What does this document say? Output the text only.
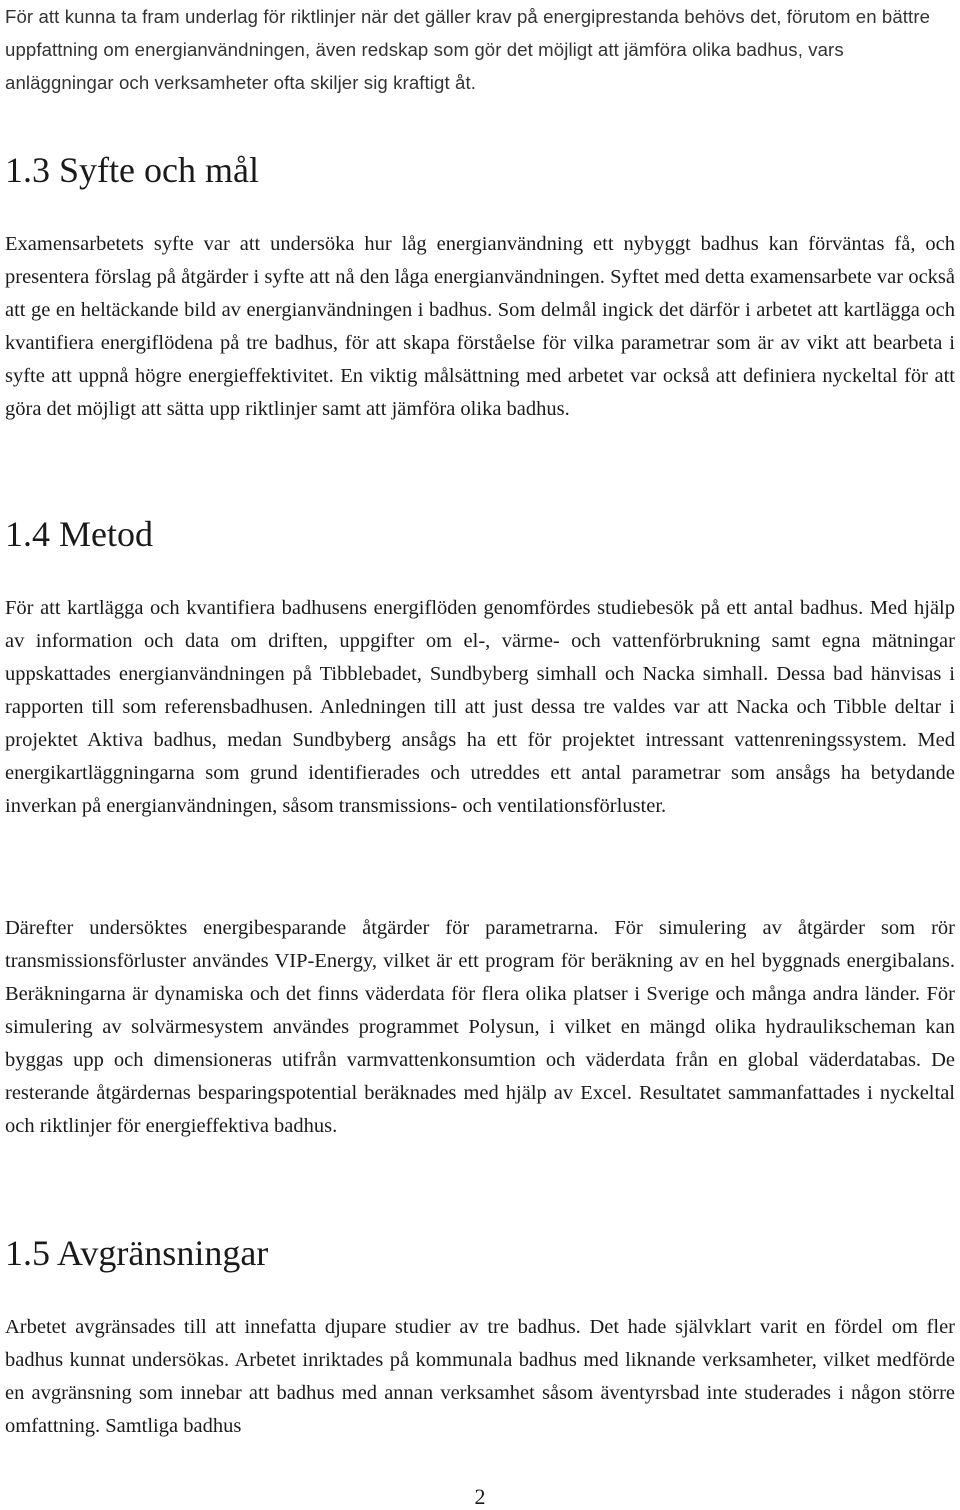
För att kunna ta fram underlag för riktlinjer när det gäller krav på energiprestanda behövs det, förutom en bättre uppfattning om energianvändningen, även redskap som gör det möjligt att jämföra olika badhus, vars anläggningar och verksamheter ofta skiljer sig kraftigt åt.

1.3 Syfte och mål

Examensarbetets syfte var att undersöka hur låg energianvändning ett nybyggt badhus kan förväntas få, och presentera förslag på åtgärder i syfte att nå den låga energianvändningen. Syftet med detta examensarbete var också att ge en heltäckande bild av energianvändningen i badhus. Som delmål ingick det därför i arbetet att kartlägga och kvantifiera energiflödena på tre badhus, för att skapa förståelse för vilka parametrar som är av vikt att bearbeta i syfte att uppnå högre energieffektivitet. En viktig målsättning med arbetet var också att definiera nyckeltal för att göra det möjligt att sätta upp riktlinjer samt att jämföra olika badhus.

1.4 Metod

För att kartlägga och kvantifiera badhusens energiflöden genomfördes studiebesök på ett antal badhus. Med hjälp av information och data om driften, uppgifter om el-, värme- och vattenförbrukning samt egna mätningar uppskattades energianvändningen på Tibblebadet, Sundbyberg simhall och Nacka simhall. Dessa bad hänvisas i rapporten till som referensbadhusen. Anledningen till att just dessa tre valdes var att Nacka och Tibble deltar i projektet Aktiva badhus, medan Sundbyberg ansågs ha ett för projektet intressant vattenreningssystem. Med energikartläggningarna som grund identifierades och utreddes ett antal parametrar som ansågs ha betydande inverkan på energianvändningen, såsom transmissions- och ventilationsförluster.

Därefter undersöktes energibesparande åtgärder för parametrarna. För simulering av åtgärder som rör transmissionsförluster användes VIP-Energy, vilket är ett program för beräkning av en hel byggnads energibalans. Beräkningarna är dynamiska och det finns väderdata för flera olika platser i Sverige och många andra länder. För simulering av solvärmesystem användes programmet Polysun, i vilket en mängd olika hydraulikscheman kan byggas upp och dimensioneras utifrån varmvattenkonsumtion och väderdata från en global väderdatabas. De resterande åtgärdernas besparingspotential beräknades med hjälp av Excel. Resultatet sammanfattades i nyckeltal och riktlinjer för energieffektiva badhus.

1.5 Avgränsningar

Arbetet avgränsades till att innefatta djupare studier av tre badhus. Det hade självklart varit en fördel om fler badhus kunnat undersökas. Arbetet inriktades på kommunala badhus med liknande verksamheter, vilket medförde en avgränsning som innebar att badhus med annan verksamhet såsom äventyrsbad inte studerades i någon större omfattning. Samtliga badhus

2
